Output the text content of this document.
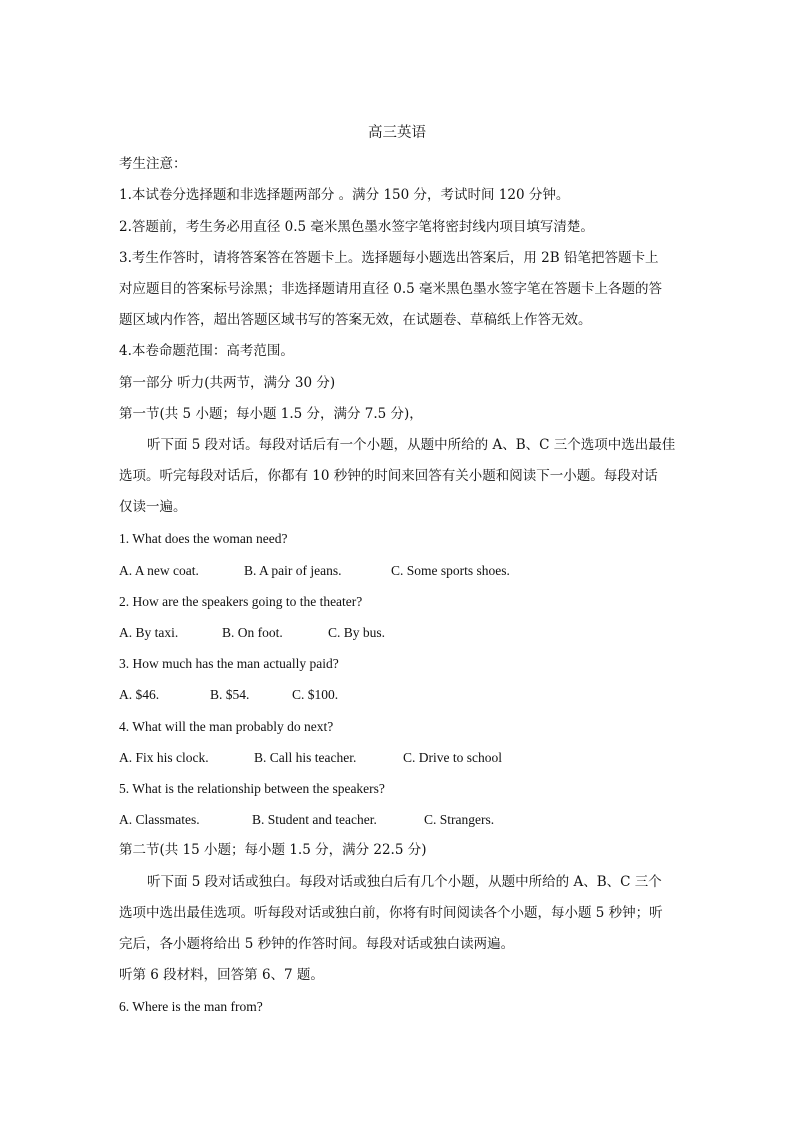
高三英语
考生注意：
1.本试卷分选择题和非选择题两部分 。满分 150 分，考试时间 120 分钟。
2.答题前，考生务必用直径 0.5 毫米黑色墨水签字笔将密封线内项目填写清楚。
3.考生作答时，请将答案答在答题卡上。选择题每小题选出答案后，用 2B 铅笔把答题卡上
对应题目的答案标号涂黑；非选择题请用直径 0.5 毫米黑色墨水签字笔在答题卡上各题的答
题区域内作答，超出答题区域书写的答案无效，在试题卷、草稿纸上作答无效。
4.本卷命题范围：高考范围。
第一部分 听力(共两节，满分 30 分)
第一节(共 5 小题；每小题 1.5 分，满分 7.5 分)，
听下面 5 段对话。每段对话后有一个小题，从题中所给的 A、B、C 三个选项中选出最佳
选项。听完每段对话后，你都有 10 秒钟的时间来回答有关小题和阅读下一小题。每段对话
仅读一遍。
1. What does the woman need?
A. A new coat.	B. A pair of jeans.	C. Some sports shoes.
2. How are the speakers going to the theater?
A. By taxi.	B. On foot.	C. By bus.
3. How much has the man actually paid?
A. $46.	B. $54.	C. $100.
4. What will the man probably do next?
A. Fix his clock.	B. Call his teacher.	C. Drive to school
5. What is the relationship between the speakers?
A. Classmates.	B. Student and teacher.	C. Strangers.
第二节(共 15 小题；每小题 1.5 分，满分 22.5 分)
听下面 5 段对话或独白。每段对话或独白后有几个小题，从题中所给的 A、B、C 三个
选项中选出最佳选项。听每段对话或独白前，你将有时间阅读各个小题，每小题 5 秒钟；听
完后，各小题将给出 5 秒钟的作答时间。每段对话或独白读两遍。
听第 6 段材料，回答第 6、7 题。
6. Where is the man from?
